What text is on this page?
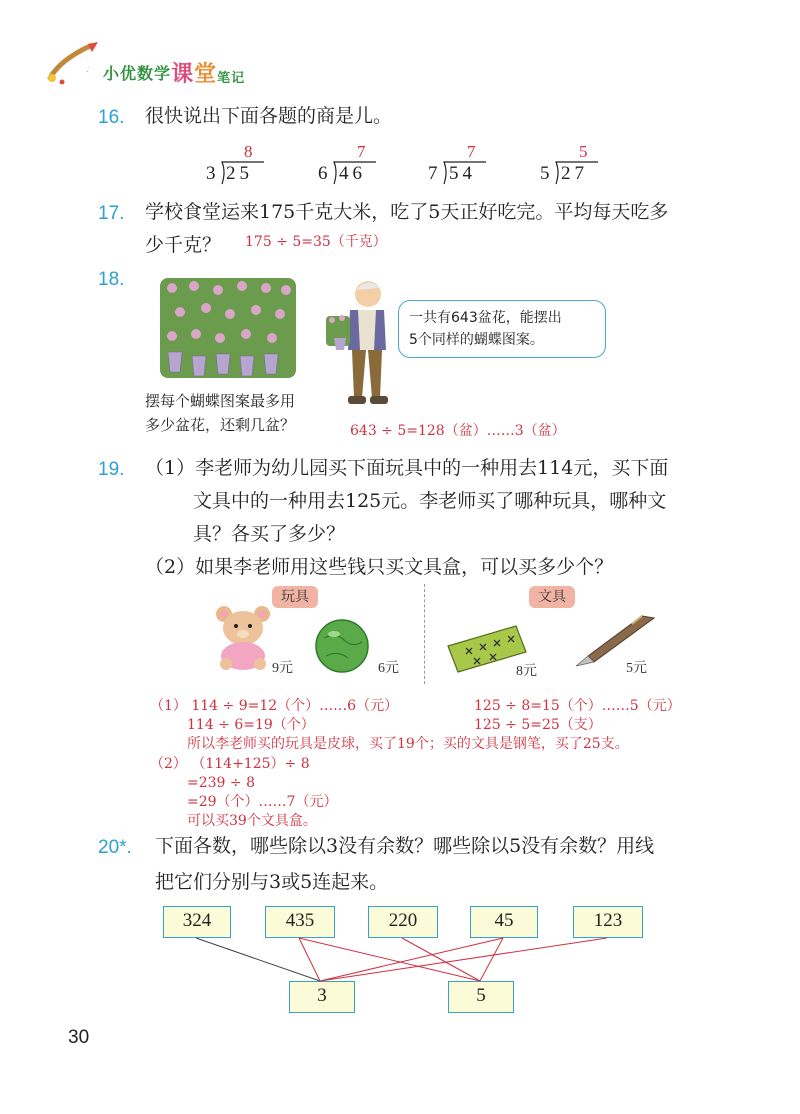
傅 小 优 数 学 课 堂 笔 记
16. 很快说出下面各题的商是儿。
8
3 25
7
6 46
7
7 54
5
5 27
17. 学校食堂运来175千克大米，吃了5天正好吃完。平均每天吃多
少千克？ 175 ÷ 5=35（千克）
18.
一共有643盆花，能摆出
5个同样的蝴蝶图案。
摆每个蝴蝶图案最多用
多少盆花，还剩几盆？	643 ÷ 5=128（盆）……3（盆）
19. （1）李老师为幼儿园买下面玩具中的一种用去114元，买下面
文具中的一种用去125元。李老师买了哪种玩具，哪种文
具？各买了多少？
（2）如果李老师用这些钱只买文具盒，可以买多少个？
玩具	文具
9元	6元	8元	5元
（1） 114 ÷ 9=12（个）……6（元）
114 ÷ 6=19（个）
125 ÷ 8=15（个）……5（元）
125 ÷ 5=25（支）
所以李老师买的玩具是皮球，买了19个；买的文具是钢笔，买了25支。
（2） （114+125）÷ 8
=239 ÷ 8
=29（个）……7（元）
可以买39个文具盒。
20*. 下面各数，哪些除以3没有余数？哪些除以5没有余数？用线
把它们分别与3或5连起来。
324	435	220	45	123
3	5
30
